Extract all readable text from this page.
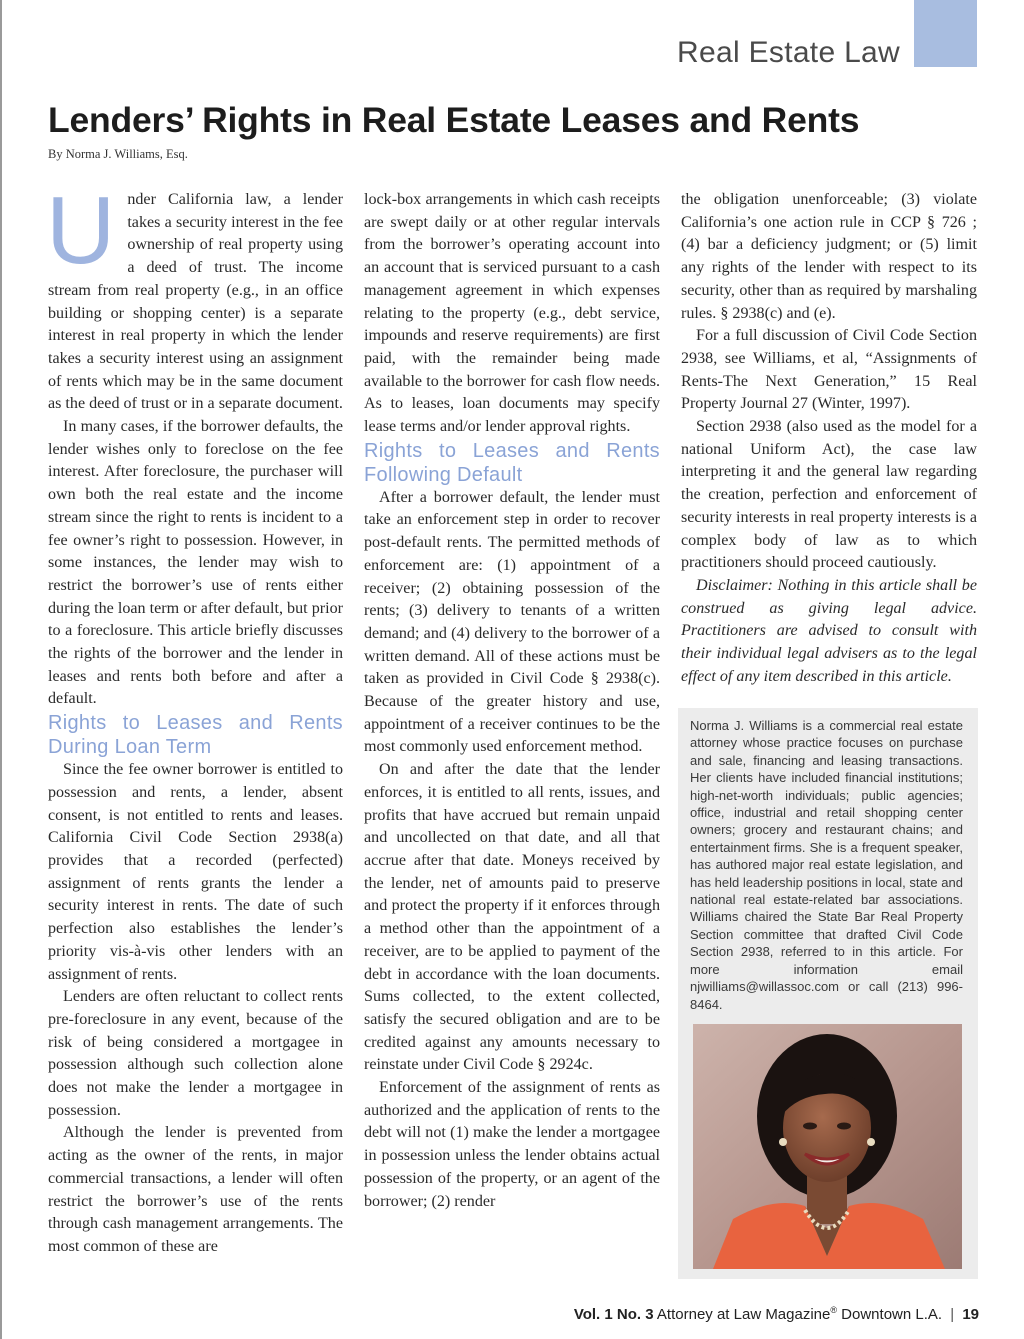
Real Estate Law
Lenders’ Rights in Real Estate Leases and Rents
By Norma J. Williams, Esq.

Under California law, a lender takes a security interest in the fee ownership of real property using a deed of trust. The income stream from real property (e.g., in an office building or shopping center) is a separate interest in real property in which the lender takes a security interest using an assignment of rents which may be in the same document as the deed of trust or in a separate document.

In many cases, if the borrower defaults, the lender wishes only to foreclose on the fee interest. After foreclosure, the purchaser will own both the real estate and the income stream since the right to rents is incident to a fee owner’s right to possession. However, in some instances, the lender may wish to restrict the borrower’s use of rents either during the loan term or after default, but prior to a foreclosure. This article briefly discusses the rights of the borrower and the lender in leases and rents both before and after a default.

Rights to Leases and Rents
During Loan Term

Since the fee owner borrower is entitled to possession and rents, a lender, absent consent, is not entitled to rents and leases. California Civil Code Section 2938(a) provides that a recorded (perfected) assignment of rents grants the lender a security interest in rents. The date of such perfection also establishes the lender’s priority vis-à-vis other lenders with an assignment of rents.

Lenders are often reluctant to collect rents pre-foreclosure in any event, because of the risk of being considered a mortgagee in possession although such collection alone does not make the lender a mortgagee in possession.

Although the lender is prevented from acting as the owner of the rents, in major commercial transactions, a lender will often restrict the borrower’s use of the rents through cash management arrangements. The most common of these are

lock-box arrangements in which cash receipts are swept daily or at other regular intervals from the borrower’s operating account into an account that is serviced pursuant to a cash management agreement in which expenses relating to the property (e.g., debt service, impounds and reserve requirements) are first paid, with the remainder being made available to the borrower for cash flow needs. As to leases, loan documents may specify lease terms and/or lender approval rights.

Rights to Leases and Rents
Following Default

After a borrower default, the lender must take an enforcement step in order to recover post-default rents. The permitted methods of enforcement are: (1) appointment of a receiver; (2) obtaining possession of the rents; (3) delivery to tenants of a written demand; and (4) delivery to the borrower of a written demand. All of these actions must be taken as provided in Civil Code § 2938(c). Because of the greater history and use, appointment of a receiver continues to be the most commonly used enforcement method.

On and after the date that the lender enforces, it is entitled to all rents, issues, and profits that have accrued but remain unpaid and uncollected on that date, and all that accrue after that date. Moneys received by the lender, net of amounts paid to preserve and protect the property if it enforces through a method other than the appointment of a receiver, are to be applied to payment of the debt in accordance with the loan documents. Sums collected, to the extent collected, satisfy the secured obligation and are to be credited against any amounts necessary to reinstate under Civil Code § 2924c.

Enforcement of the assignment of rents as authorized and the application of rents to the debt will not (1) make the lender a mortgagee in possession unless the lender obtains actual possession of the property, or an agent of the borrower; (2) render

the obligation unenforceable; (3) violate California’s one action rule in CCP § 726 ; (4) bar a deficiency judgment; or (5) limit any rights of the lender with respect to its security, other than as required by marshaling rules. § 2938(c) and (e).

For a full discussion of Civil Code Section 2938, see Williams, et al, “Assignments of Rents-The Next Generation,” 15 Real Property Journal 27 (Winter, 1997).

Section 2938 (also used as the model for a national Uniform Act), the case law interpreting it and the general law regarding the creation, perfection and enforcement of security interests in real property interests is a complex body of law as to which practitioners should proceed cautiously.

Disclaimer: Nothing in this article shall be construed as giving legal advice. Practitioners are advised to consult with their individual legal advisers as to the legal effect of any item described in this article.

Norma J. Williams is a commercial real estate attorney whose practice focuses on purchase and sale, financing and leasing transactions. Her clients have included financial institutions; high-net-worth individuals; public agencies; office, industrial and retail shopping center owners; grocery and restaurant chains; and entertainment firms. She is a frequent speaker, has authored major real estate legislation, and has held leadership positions in local, state and national real estate-related bar associations. Williams chaired the State Bar Real Property Section committee that drafted Civil Code Section 2938, referred to in this article. For more information email njwilliams@willassoc.com or call (213) 996-8464.

Vol. 1 No. 3 Attorney at Law Magazine® Downtown L.A. | 19
